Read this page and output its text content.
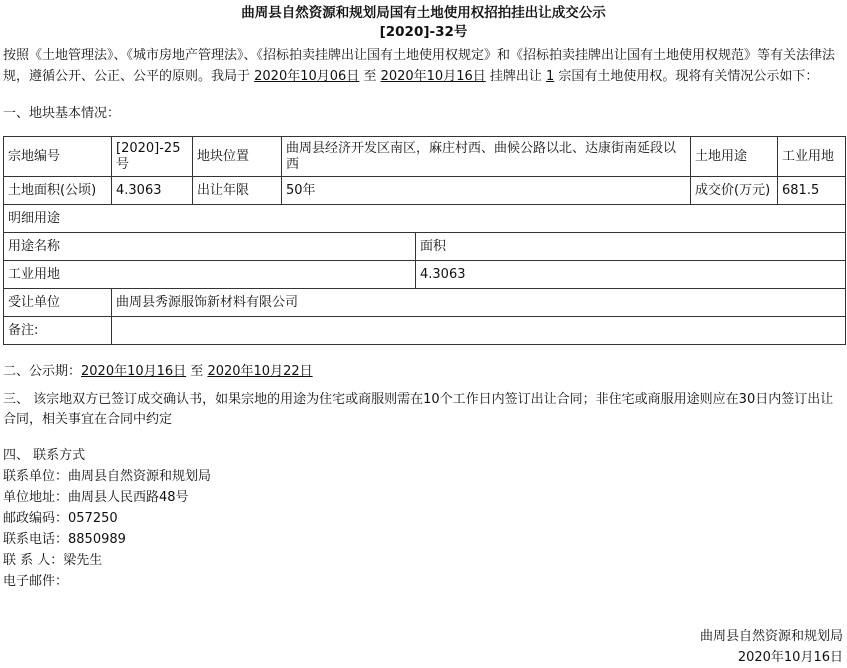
曲周县自然资源和规划局国有土地使用权招拍挂出让成交公示
[2020]-32号
按照《土地管理法》、《城市房地产管理法》、《招标拍卖挂牌出让国有土地使用权规定》和《招标拍卖挂牌出让国有土地使用权规范》等有关法律法规，遵循公开、公正、公平的原则。我局于 2020年10月06日 至 2020年10月16日 挂牌出让 1 宗国有土地使用权。现将有关情况公示如下：
一、地块基本情况：
宗地编号	[2020]-25号	地块位置	曲周县经济开发区南区，麻庄村西、曲候公路以北、达康街南延段以西		土地用途	工业用地
土地面积(公顷)	4.3063	出让年限	50年		成交价(万元)	681.5
明细用途						
用途名称				面积		
工业用地				4.3063		
受让单位	曲周县秀源服饰新材料有限公司					
备注:						
二、公示期：2020年10月16日 至 2020年10月22日
三、 该宗地双方已签订成交确认书，如果宗地的用途为住宅或商服则需在10个工作日内签订出让合同；非住宅或商服用途则应在30日内签订出让合同，相关事宜在合同中约定
四、 联系方式
联系单位：曲周县自然资源和规划局
单位地址：曲周县人民西路48号
邮政编码：057250
联系电话：8850989
联 系 人：梁先生
电子邮件：
曲周县自然资源和规划局
2020年10月16日
